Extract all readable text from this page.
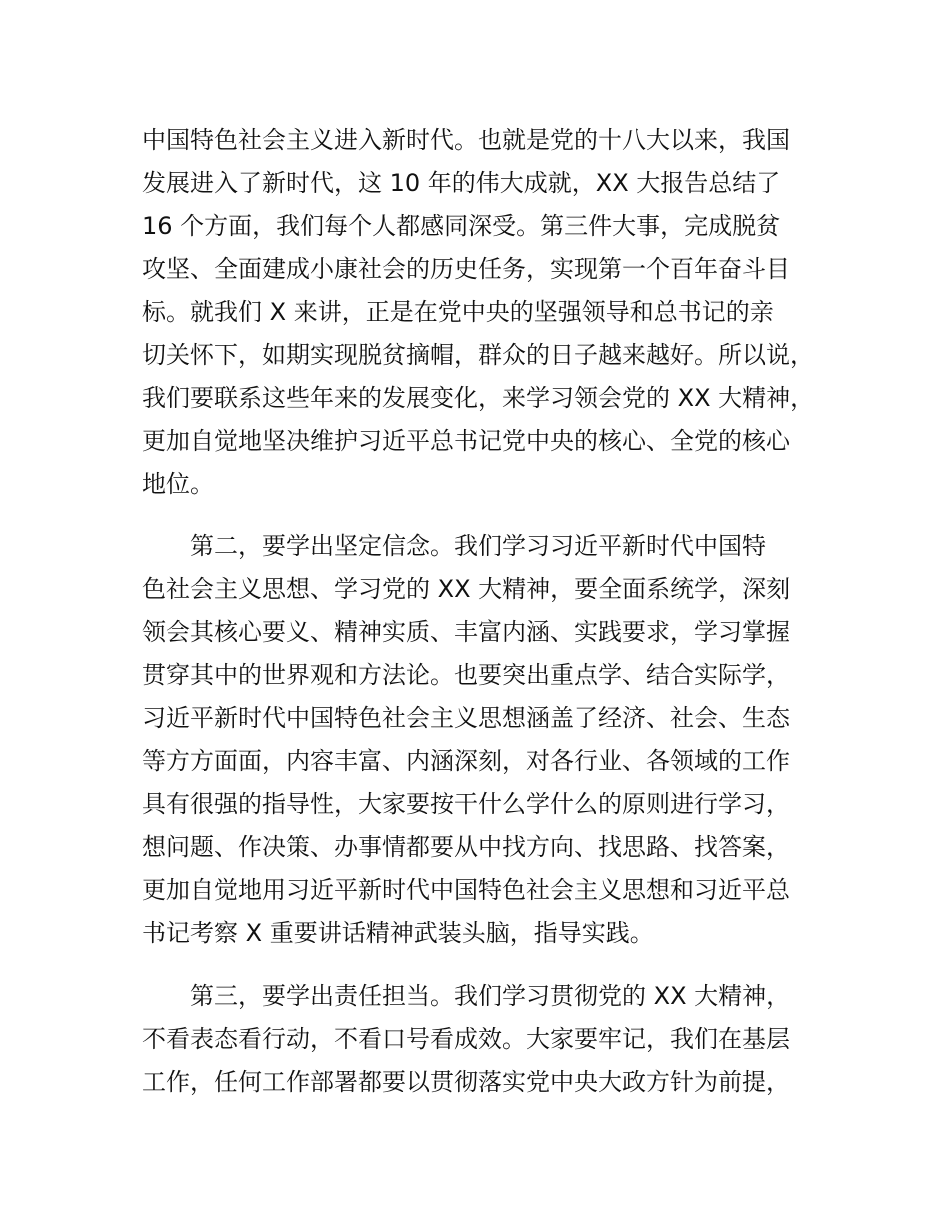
中国特色社会主义进入新时代。也就是党的十八大以来，我国
发展进入了新时代，这 10 年的伟大成就，XX 大报告总结了
16 个方面，我们每个人都感同深受。第三件大事，完成脱贫
攻坚、全面建成小康社会的历史任务，实现第一个百年奋斗目
标。就我们 X 来讲，正是在党中央的坚强领导和总书记的亲
切关怀下，如期实现脱贫摘帽，群众的日子越来越好。所以说，
我们要联系这些年来的发展变化，来学习领会党的 XX 大精神，
更加自觉地坚决维护习近平总书记党中央的核心、全党的核心
地位。
第二，要学出坚定信念。我们学习习近平新时代中国特
色社会主义思想、学习党的 XX 大精神，要全面系统学，深刻
领会其核心要义、精神实质、丰富内涵、实践要求，学习掌握
贯穿其中的世界观和方法论。也要突出重点学、结合实际学，
习近平新时代中国特色社会主义思想涵盖了经济、社会、生态
等方方面面，内容丰富、内涵深刻，对各行业、各领域的工作
具有很强的指导性，大家要按干什么学什么的原则进行学习，
想问题、作决策、办事情都要从中找方向、找思路、找答案，
更加自觉地用习近平新时代中国特色社会主义思想和习近平总
书记考察 X 重要讲话精神武装头脑，指导实践。
第三，要学出责任担当。我们学习贯彻党的 XX 大精神，
不看表态看行动，不看口号看成效。大家要牢记，我们在基层
工作，任何工作部署都要以贯彻落实党中央大政方针为前提，
